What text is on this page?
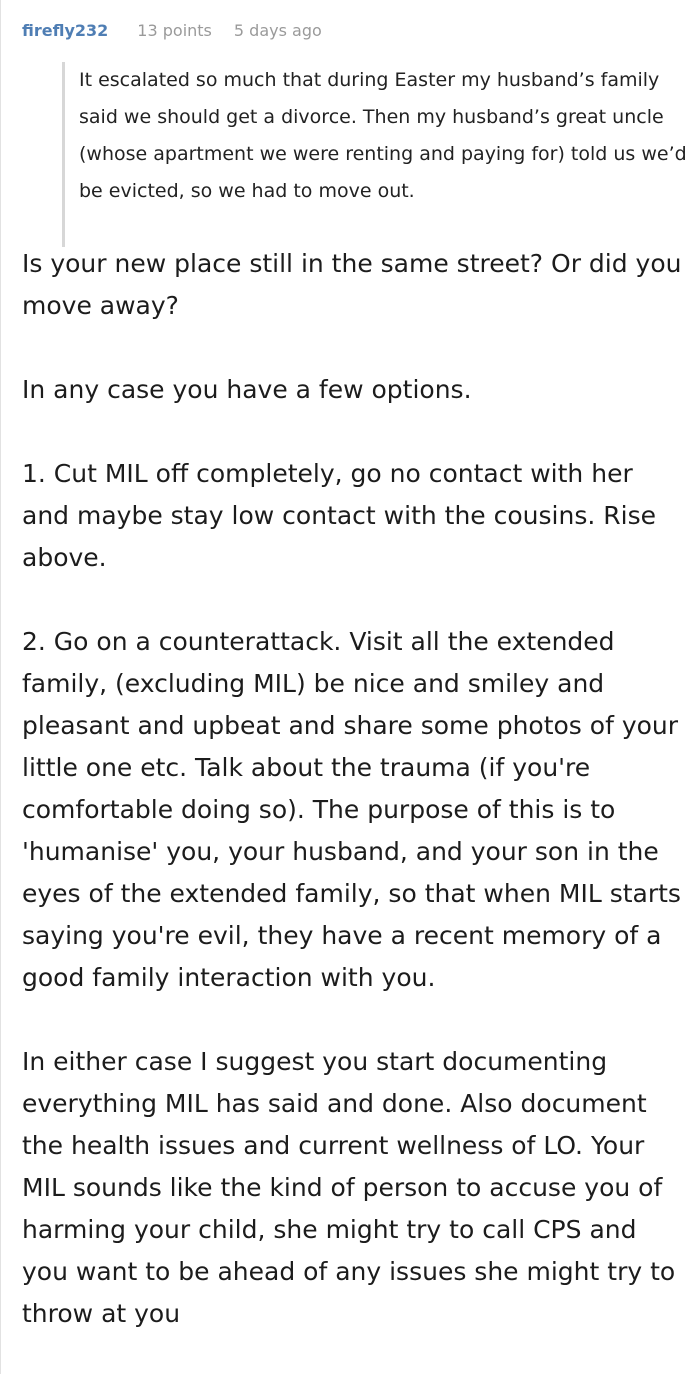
firefly232 13 points 5 days ago

It escalated so much that during Easter my husband’s family said we should get a divorce. Then my husband’s great uncle (whose apartment we were renting and paying for) told us we’d be evicted, so we had to move out.

Is your new place still in the same street? Or did you move away?

In any case you have a few options.

1. Cut MIL off completely, go no contact with her and maybe stay low contact with the cousins. Rise above.

2. Go on a counterattack. Visit all the extended family, (excluding MIL) be nice and smiley and pleasant and upbeat and share some photos of your little one etc. Talk about the trauma (if you're comfortable doing so). The purpose of this is to 'humanise' you, your husband, and your son in the eyes of the extended family, so that when MIL starts saying you're evil, they have a recent memory of a good family interaction with you.

In either case I suggest you start documenting everything MIL has said and done. Also document the health issues and current wellness of LO. Your MIL sounds like the kind of person to accuse you of harming your child, she might try to call CPS and you want to be ahead of any issues she might try to throw at you
